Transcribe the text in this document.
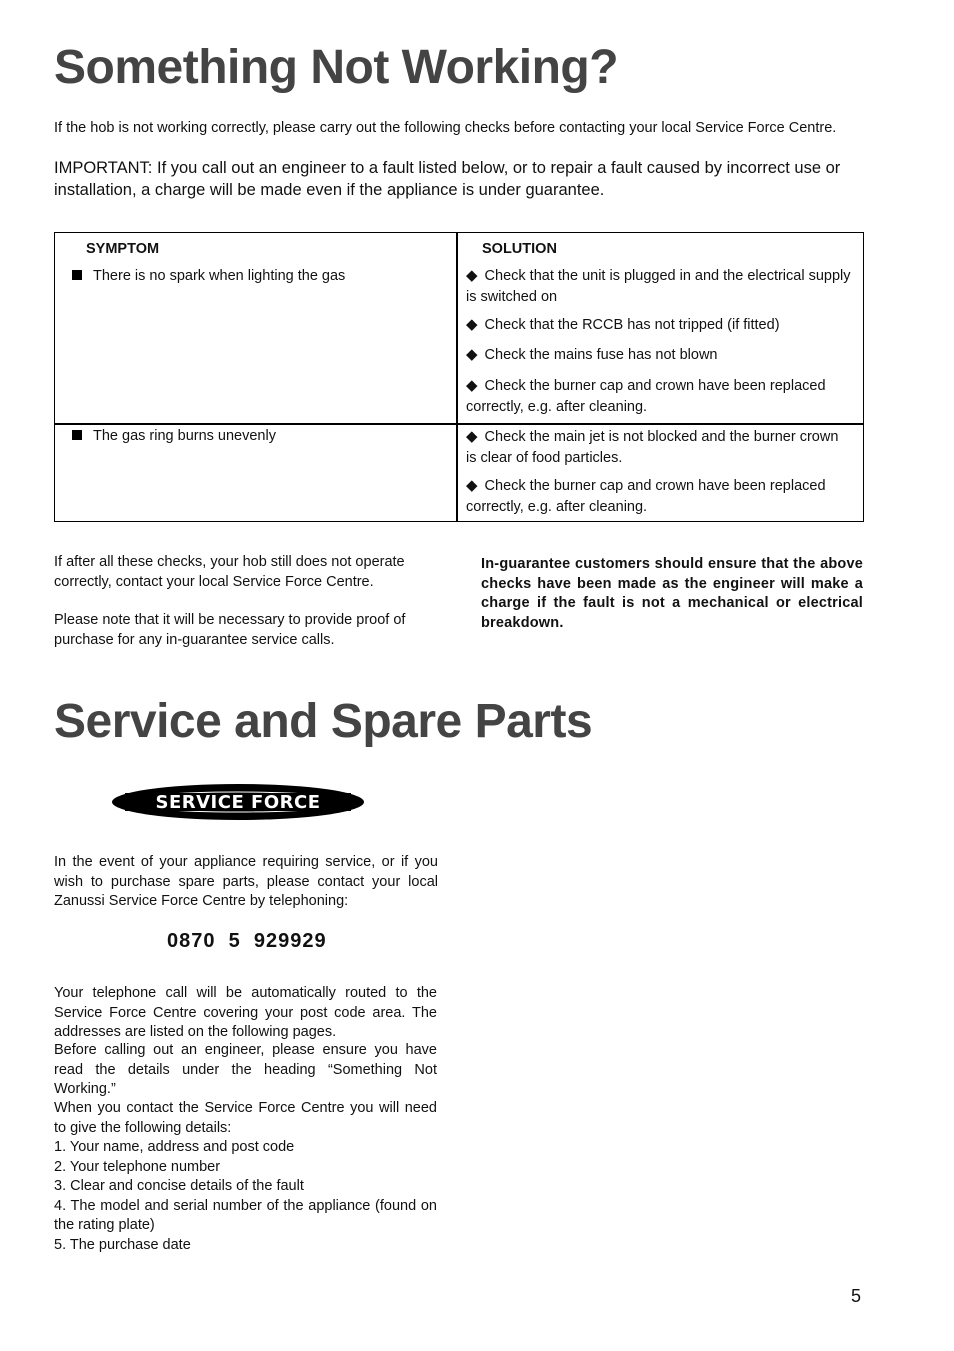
Something Not Working?
If the hob is not working correctly, please carry out the following checks before contacting your local Service Force Centre.
IMPORTANT: If you call out an engineer to a fault listed below, or to repair a fault caused by incorrect use or installation, a charge will be made even if the appliance is under guarantee.
SYMPTOM	SOLUTION
There is no spark when lighting the gas	◆ Check that the unit is plugged in and the electrical supply is switched on
◆ Check that the RCCB has not tripped (if fitted)
◆ Check the mains fuse has not blown
◆ Check the burner cap and crown have been replaced correctly, e.g. after cleaning.
The gas ring burns unevenly	◆ Check the main jet is not blocked and the burner crown is clear of food particles.
◆ Check the burner cap and crown have been replaced correctly, e.g. after cleaning.
If after all these checks, your hob still does not operate correctly, contact your local Service Force Centre.
Please note that it will be necessary to provide proof of purchase for any in-guarantee service calls.
In-guarantee customers should ensure that the above checks have been made as the engineer will make a charge if the fault is not a mechanical or electrical breakdown.
Service and Spare Parts
SERVICE FORCE
In the event of your appliance requiring service, or if you wish to purchase spare parts, please contact your local Zanussi Service Force Centre by telephoning:
0870  5  929929
Your telephone call will be automatically routed to the Service Force Centre covering your post code area. The addresses are listed on the following pages.
Before calling out an engineer, please ensure you have read the details under the heading “Something Not Working.”
When you contact the Service Force Centre you will need to give the following details:
1. Your name, address and post code
2. Your telephone number
3. Clear and concise details of the fault
4. The model and serial number of the appliance (found on the rating plate)
5. The purchase date
5
